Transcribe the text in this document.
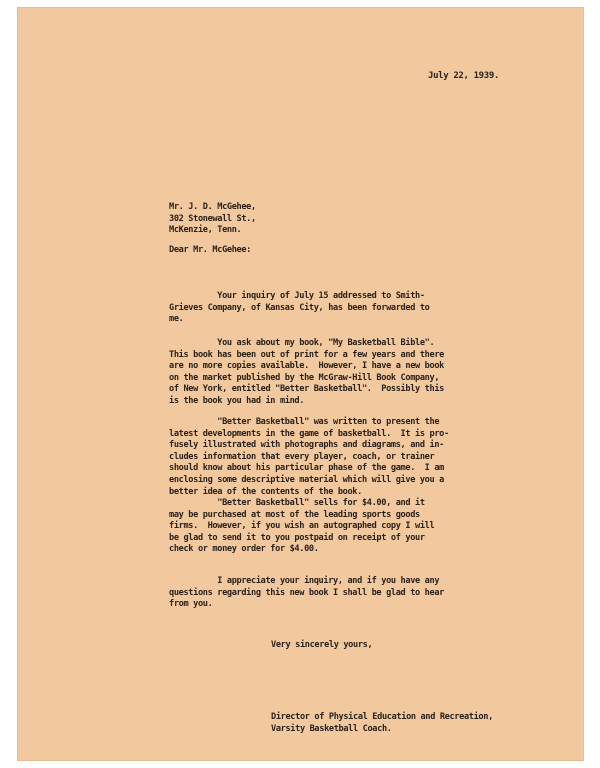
July 22, 1939.
Mr. J. D. McGehee,
302 Stonewall St.,
McKenzie, Tenn.
Dear Mr. McGehee:
Your inquiry of July 15 addressed to Smith-
Grieves Company, of Kansas City, has been forwarded to
me.
You ask about my book, "My Basketball Bible".
This book has been out of print for a few years and there
are no more copies available.  However, I have a new book
on the market published by the McGraw-Hill Book Company,
of New York, entitled "Better Basketball".  Possibly this
is the book you had in mind.
"Better Basketball" was written to present the
latest developments in the game of basketball.  It is pro-
fusely illustrated with photographs and diagrams, and in-
cludes information that every player, coach, or trainer
should know about his particular phase of the game.  I am
enclosing some descriptive material which will give you a
better idea of the contents of the book.
"Better Basketball" sells for $4.00, and it
may be purchased at most of the leading sports goods
firms.  However, if you wish an autographed copy I will
be glad to send it to you postpaid on receipt of your
check or money order for $4.00.
I appreciate your inquiry, and if you have any
questions regarding this new book I shall be glad to hear
from you.
Very sincerely yours,
Director of Physical Education and Recreation,
Varsity Basketball Coach.
